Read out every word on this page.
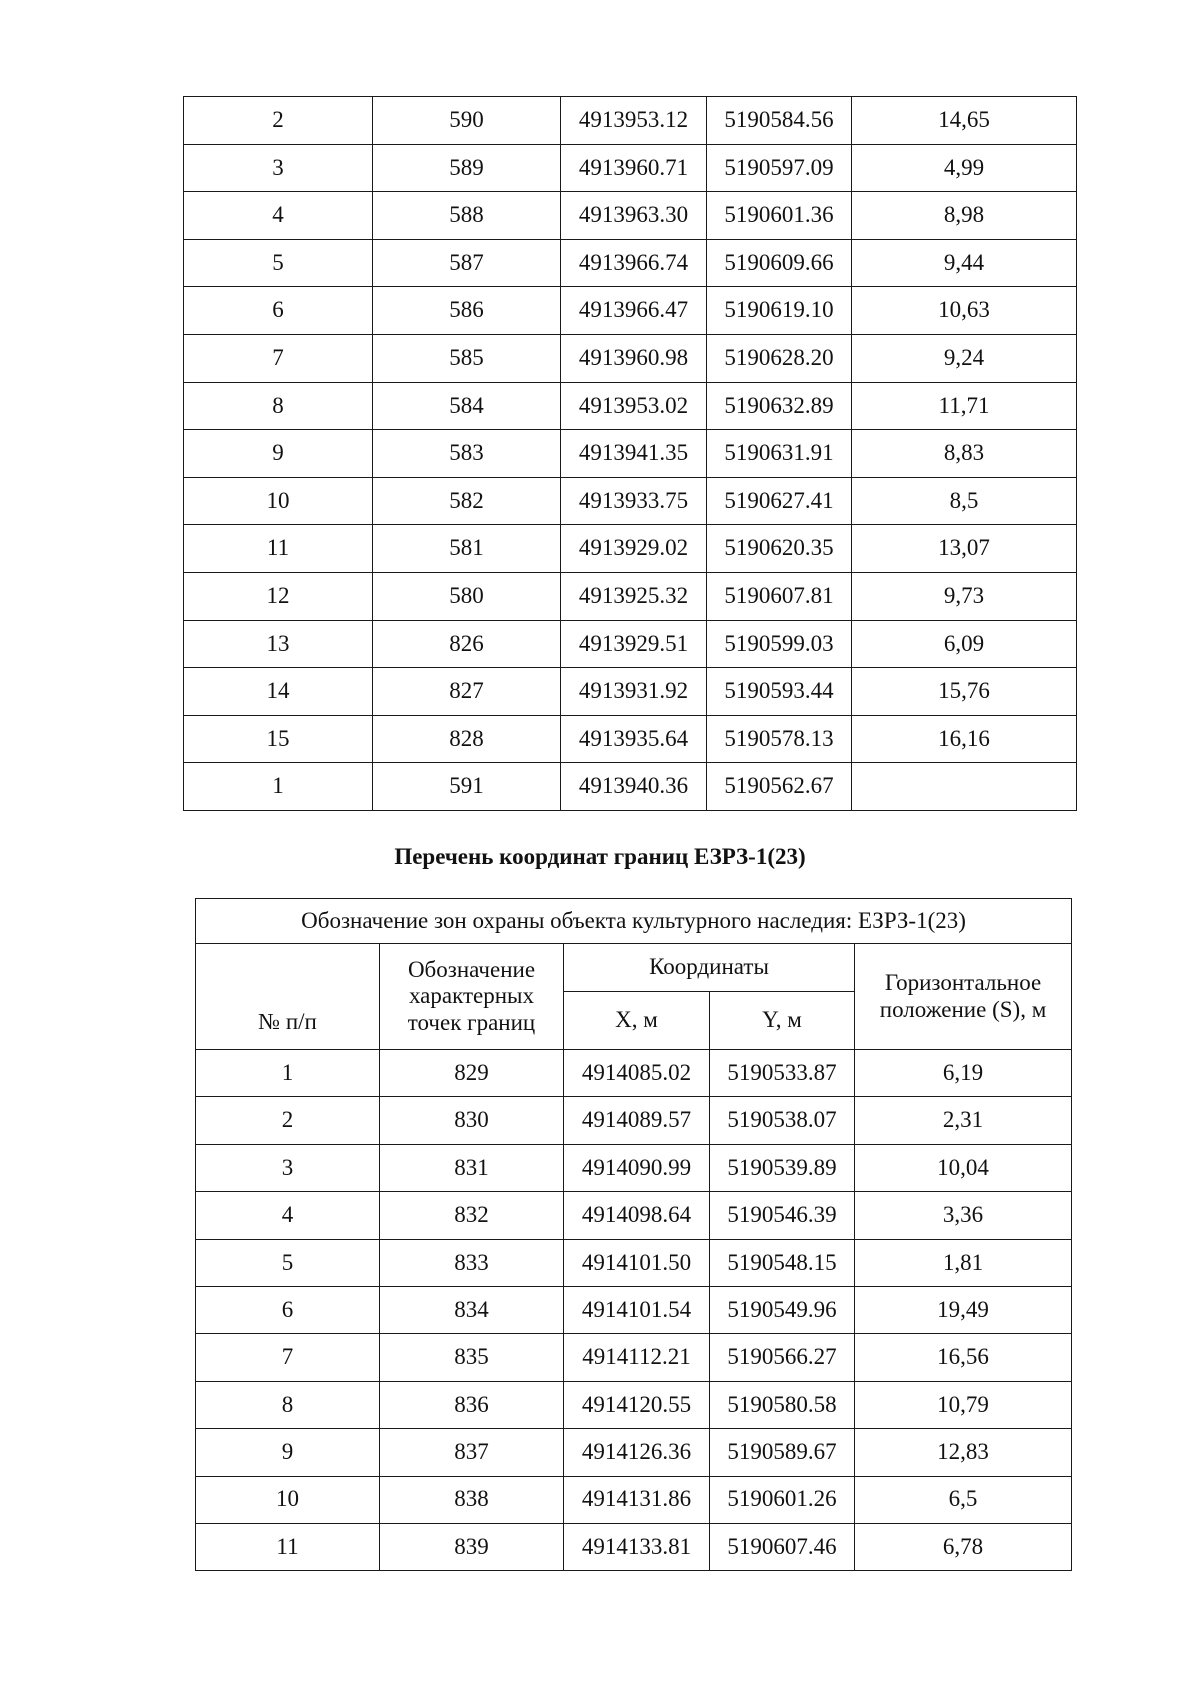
2	590	4913953.12	5190584.56	14,65
3	589	4913960.71	5190597.09	4,99
4	588	4913963.30	5190601.36	8,98
5	587	4913966.74	5190609.66	9,44
6	586	4913966.47	5190619.10	10,63
7	585	4913960.98	5190628.20	9,24
8	584	4913953.02	5190632.89	11,71
9	583	4913941.35	5190631.91	8,83
10	582	4913933.75	5190627.41	8,5
11	581	4913929.02	5190620.35	13,07
12	580	4913925.32	5190607.81	9,73
13	826	4913929.51	5190599.03	6,09
14	827	4913931.92	5190593.44	15,76
15	828	4913935.64	5190578.13	16,16
1	591	4913940.36	5190562.67	
Перечень координат границ ЕЗРЗ-1(23)
Обозначение зон охраны объекта культурного наследия: ЕЗРЗ-1(23)				
№ п/п	Обозначение характерных точек границ	Координаты		Горизонтальное положение (S), м
		X, м	Y, м	
1	829	4914085.02	5190533.87	6,19
2	830	4914089.57	5190538.07	2,31
3	831	4914090.99	5190539.89	10,04
4	832	4914098.64	5190546.39	3,36
5	833	4914101.50	5190548.15	1,81
6	834	4914101.54	5190549.96	19,49
7	835	4914112.21	5190566.27	16,56
8	836	4914120.55	5190580.58	10,79
9	837	4914126.36	5190589.67	12,83
10	838	4914131.86	5190601.26	6,5
11	839	4914133.81	5190607.46	6,78
